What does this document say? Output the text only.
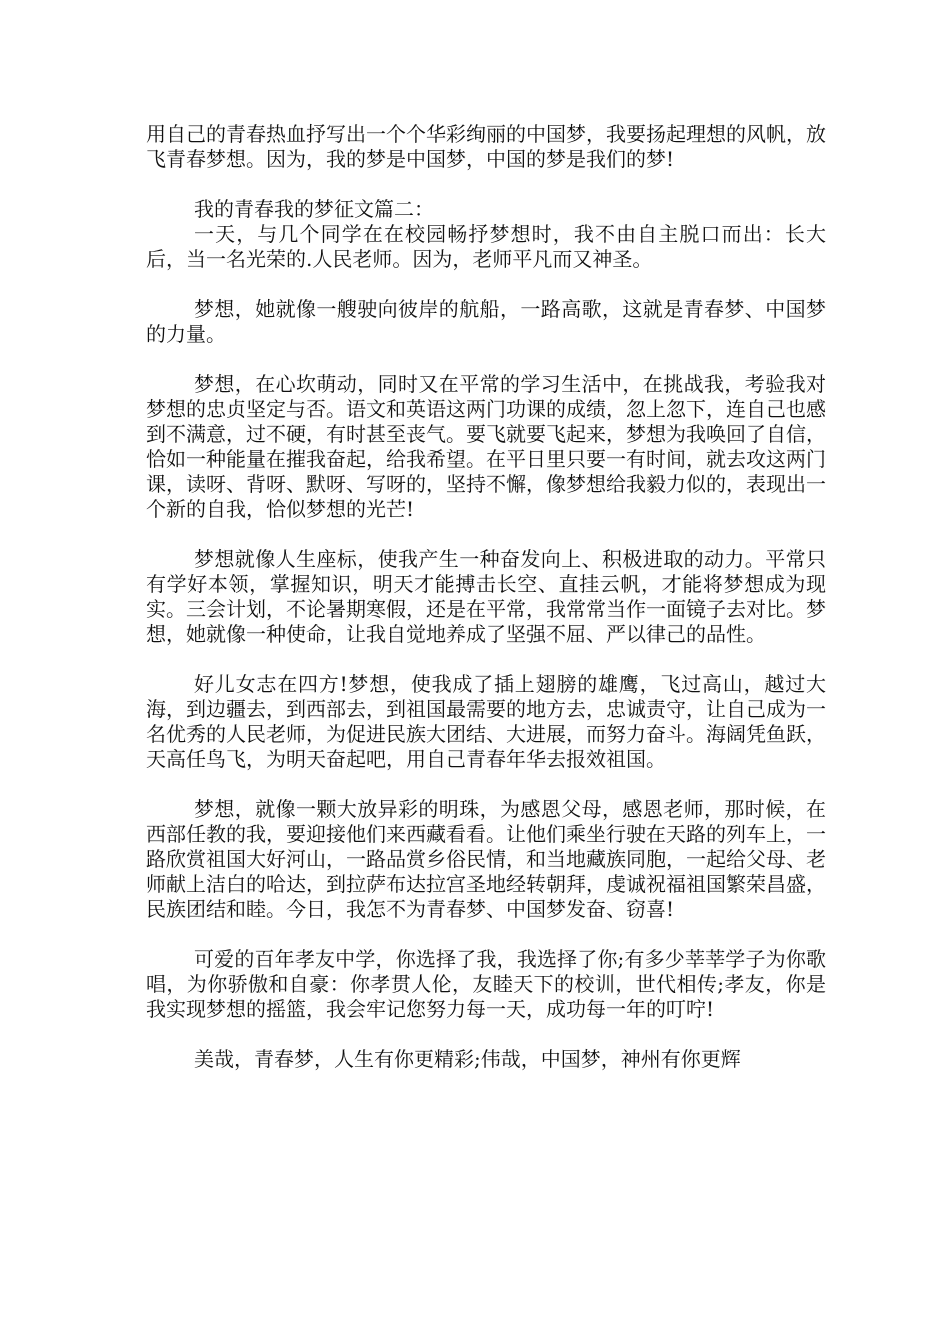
用自己的青春热血抒写出一个个华彩绚丽的中国梦，我要扬起理想的风帆，放飞青春梦想。因为，我的梦是中国梦，中国的梦是我们的梦!

我的青春我的梦征文篇二：

一天，与几个同学在在校园畅抒梦想时，我不由自主脱口而出：长大后，当一名光荣的.人民老师。因为，老师平凡而又神圣。

梦想，她就像一艘驶向彼岸的航船，一路高歌，这就是青春梦、中国梦的力量。

梦想，在心坎萌动，同时又在平常的学习生活中，在挑战我，考验我对梦想的忠贞坚定与否。语文和英语这两门功课的成绩，忽上忽下，连自己也感到不满意，过不硬，有时甚至丧气。要飞就要飞起来，梦想为我唤回了自信，恰如一种能量在摧我奋起，给我希望。在平日里只要一有时间，就去攻这两门课，读呀、背呀、默呀、写呀的，坚持不懈，像梦想给我毅力似的，表现出一个新的自我，恰似梦想的光芒!

梦想就像人生座标，使我产生一种奋发向上、积极进取的动力。平常只有学好本领，掌握知识，明天才能搏击长空、直挂云帆，才能将梦想成为现实。三会计划，不论暑期寒假，还是在平常，我常常当作一面镜子去对比。梦想，她就像一种使命，让我自觉地养成了坚强不屈、严以律己的品性。

好儿女志在四方!梦想，使我成了插上翅膀的雄鹰，飞过高山，越过大海，到边疆去，到西部去，到祖国最需要的地方去，忠诚责守，让自己成为一名优秀的人民老师，为促进民族大团结、大进展，而努力奋斗。海阔凭鱼跃，天高任鸟飞，为明天奋起吧，用自己青春年华去报效祖国。

梦想，就像一颗大放异彩的明珠，为感恩父母，感恩老师，那时候，在西部任教的我，要迎接他们来西藏看看。让他们乘坐行驶在天路的列车上，一路欣赏祖国大好河山，一路品赏乡俗民情，和当地藏族同胞，一起给父母、老师献上洁白的哈达，到拉萨布达拉宫圣地经转朝拜，虔诚祝福祖国繁荣昌盛，民族团结和睦。今日，我怎不为青春梦、中国梦发奋、窃喜!

可爱的百年孝友中学，你选择了我，我选择了你;有多少莘莘学子为你歌唱，为你骄傲和自豪：你孝贯人伦，友睦天下的校训，世代相传;孝友，你是我实现梦想的摇篮，我会牢记您努力每一天，成功每一年的叮咛!

美哉，青春梦，人生有你更精彩;伟哉，中国梦，神州有你更辉
